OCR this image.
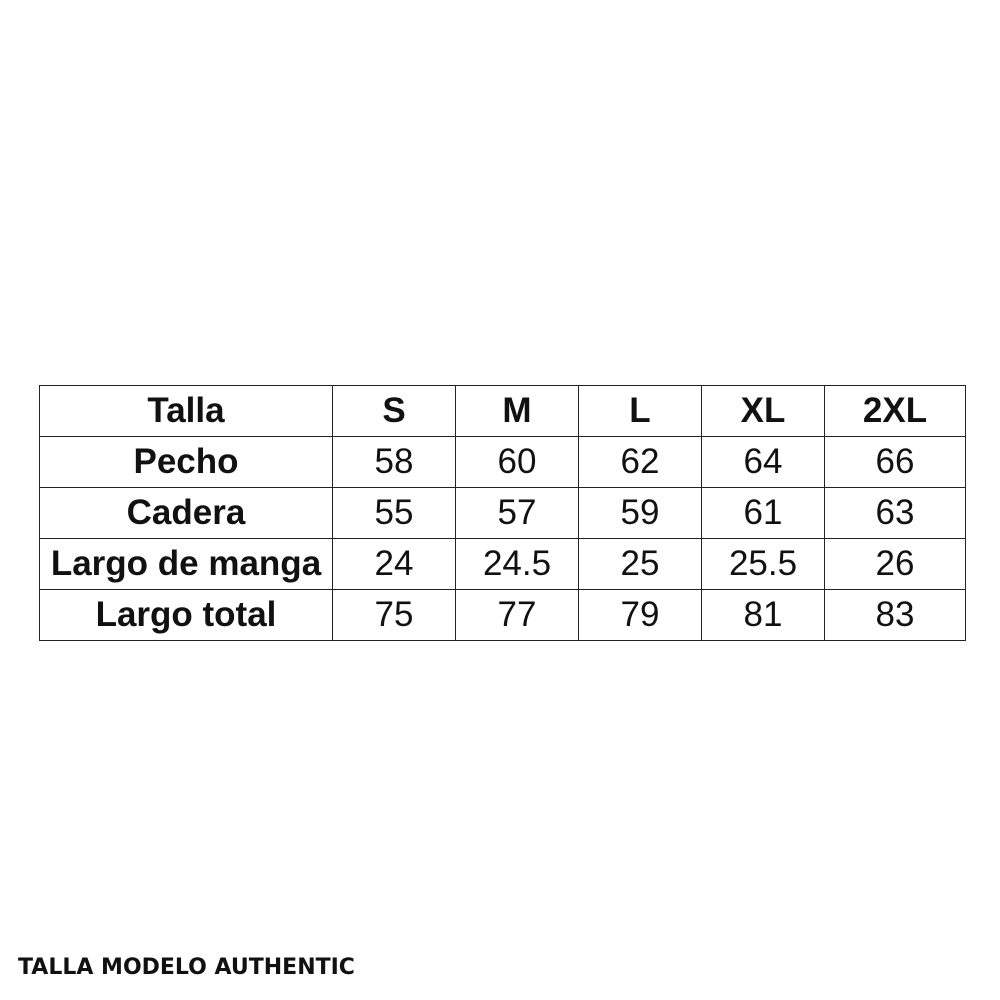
Talla	S	M	L	XL	2XL
Pecho	58	60	62	64	66
Cadera	55	57	59	61	63
Largo de manga	24	24.5	25	25.5	26
Largo total	75	77	79	81	83
TALLA MODELO AUTHENTIC
